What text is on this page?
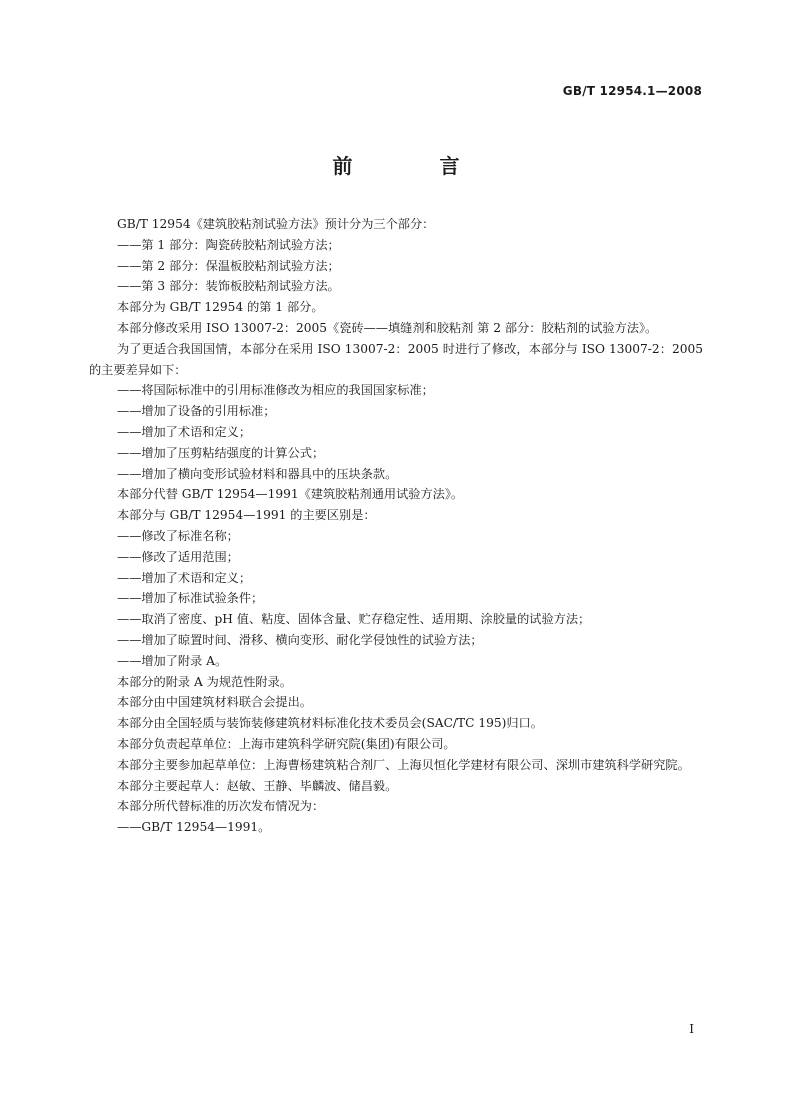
GB/T 12954.1—2008
前 言

GB/T 12954《建筑胶粘剂试验方法》预计分为三个部分：

——第 1 部分：陶瓷砖胶粘剂试验方法；

——第 2 部分：保温板胶粘剂试验方法；

——第 3 部分：装饰板胶粘剂试验方法。

本部分为 GB/T 12954 的第 1 部分。

本部分修改采用 ISO 13007-2：2005《瓷砖——填缝剂和胶粘剂 第 2 部分：胶粘剂的试验方法》。

为了更适合我国国情，本部分在采用 ISO 13007-2：2005 时进行了修改，本部分与 ISO 13007-2：2005 的主要差异如下：

——将国际标准中的引用标准修改为相应的我国国家标准；

——增加了设备的引用标准；

——增加了术语和定义；

——增加了压剪粘结强度的计算公式；

——增加了横向变形试验材料和器具中的压块条款。

本部分代替 GB/T 12954—1991《建筑胶粘剂通用试验方法》。

本部分与 GB/T 12954—1991 的主要区别是：

——修改了标准名称；

——修改了适用范围；

——增加了术语和定义；

——增加了标准试验条件；

——取消了密度、pH 值、粘度、固体含量、贮存稳定性、适用期、涂胶量的试验方法；

——增加了晾置时间、滑移、横向变形、耐化学侵蚀性的试验方法；

——增加了附录 A。

本部分的附录 A 为规范性附录。

本部分由中国建筑材料联合会提出。

本部分由全国轻质与装饰装修建筑材料标准化技术委员会(SAC/TC 195)归口。

本部分负责起草单位：上海市建筑科学研究院(集团)有限公司。

本部分主要参加起草单位：上海曹杨建筑粘合剂厂、上海贝恒化学建材有限公司、深圳市建筑科学研究院。

本部分主要起草人：赵敏、王静、毕麟波、储昌毅。

本部分所代替标准的历次发布情况为：

——GB/T 12954—1991。

I
